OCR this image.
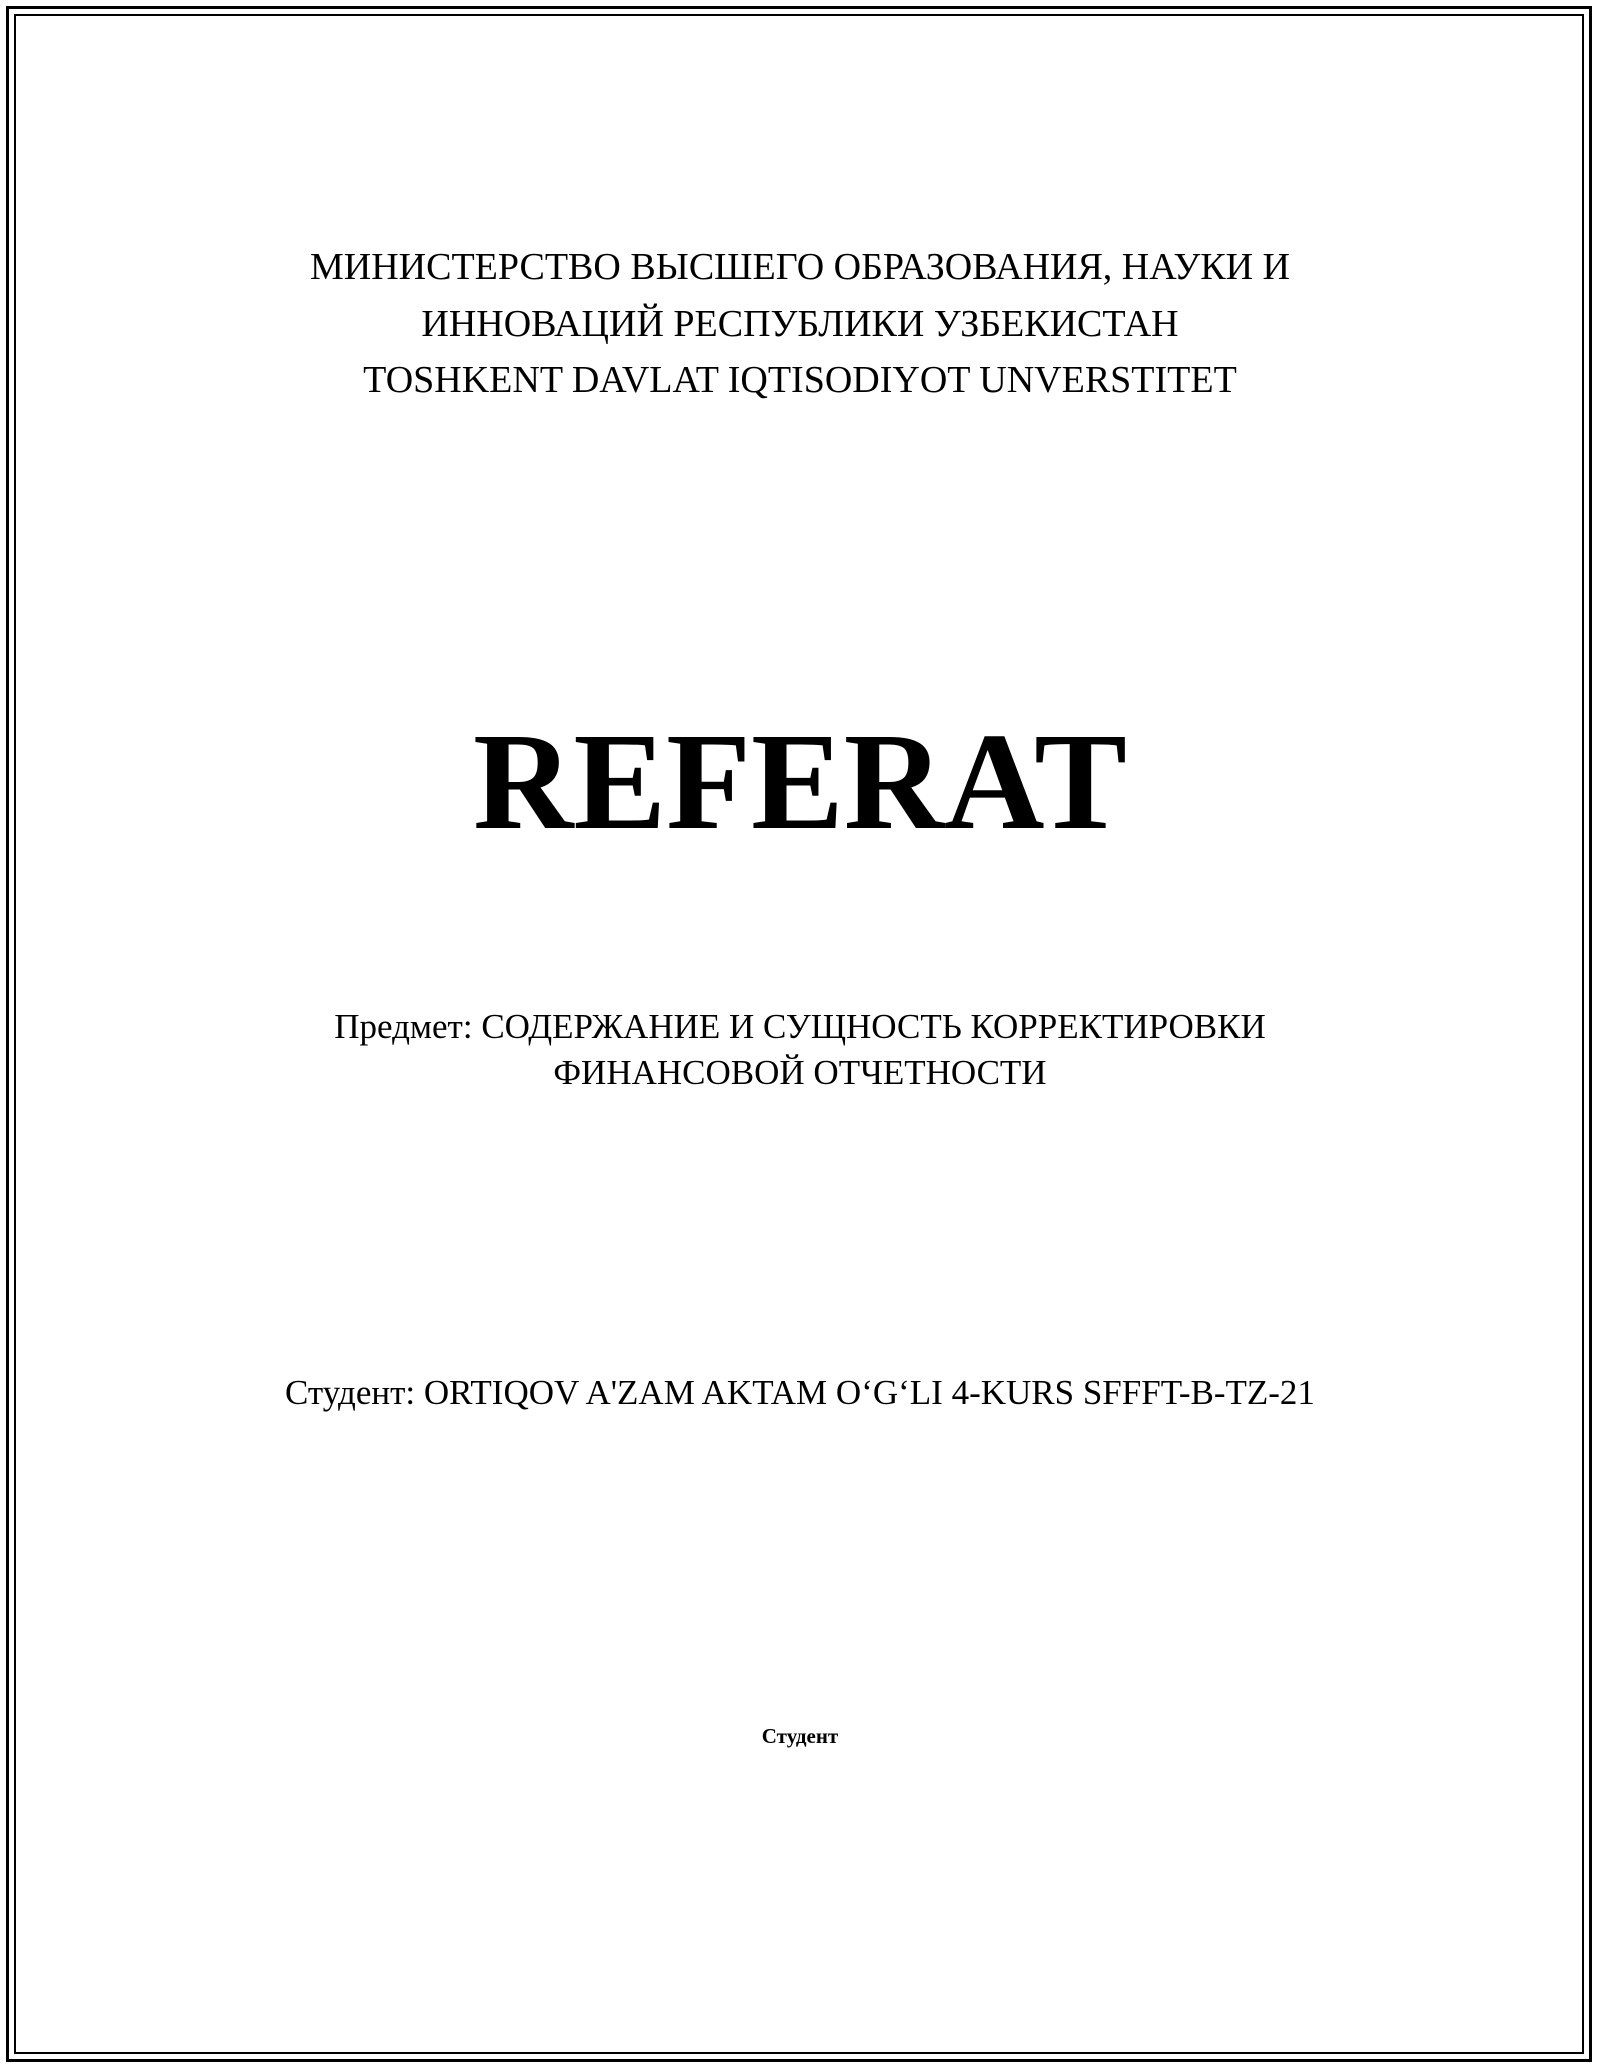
МИНИСТЕРСТВО ВЫСШЕГО ОБРАЗОВАНИЯ, НАУКИ И
ИННОВАЦИЙ РЕСПУБЛИКИ УЗБЕКИСТАН
TOSHKENT DAVLAT IQTISODIYOT UNVERSTITET
REFERAT
Предмет: СОДЕРЖАНИЕ И СУЩНОСТЬ КОРРЕКТИРОВКИ
ФИНАНСОВОЙ ОТЧЕТНОСТИ
Студент: ORTIQOV A'ZAM AKTAM O‘G‘LI 4-KURS SFFFT-B-TZ-21
Студент
